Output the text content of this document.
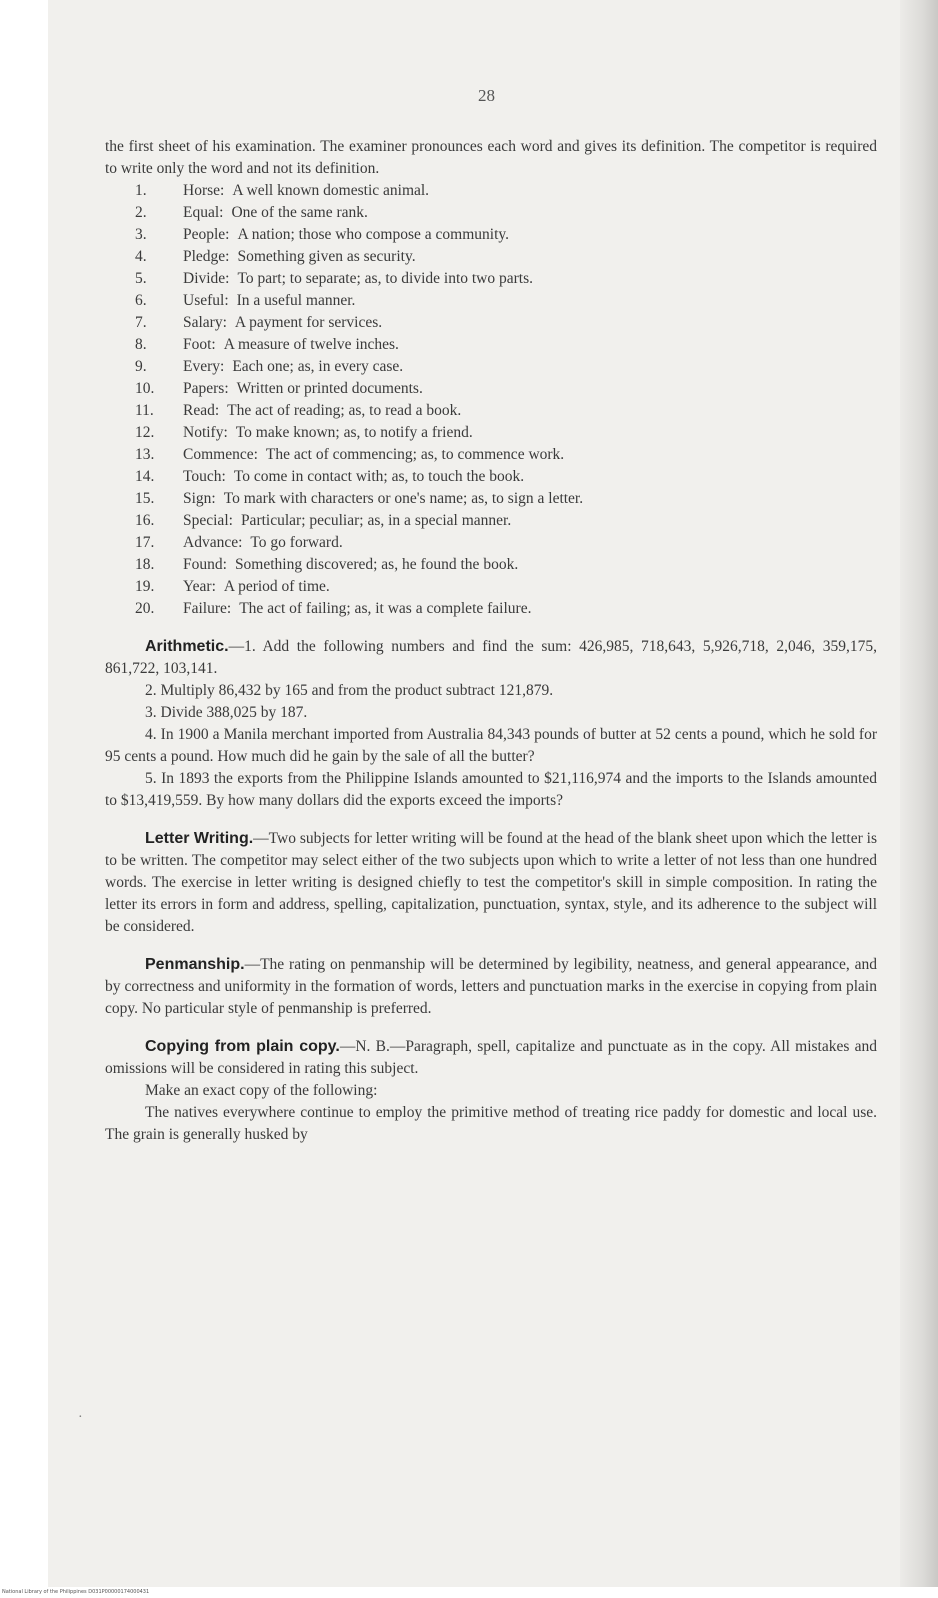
National Library of the Philippines D031P00000174000431
28

the first sheet of his examination. The examiner pronounces each word and gives its definition. The competitor is required to write only the word and not its definition.

1.	Horse: A well known domestic animal.
2.	Equal: One of the same rank.
3.	People: A nation; those who compose a community.
4.	Pledge: Something given as security.
5.	Divide: To part; to separate; as, to divide into two parts.
6.	Useful: In a useful manner.
7.	Salary: A payment for services.
8.	Foot: A measure of twelve inches.
9.	Every: Each one; as, in every case.
10.	Papers: Written or printed documents.
11.	Read: The act of reading; as, to read a book.
12.	Notify: To make known; as, to notify a friend.
13.	Commence: The act of commencing; as, to commence work.
14.	Touch: To come in contact with; as, to touch the book.
15.	Sign: To mark with characters or one's name; as, to sign a letter.
16.	Special: Particular; peculiar; as, in a special manner.
17.	Advance: To go forward.
18.	Found: Something discovered; as, he found the book.
19.	Year: A period of time.
20.	Failure: The act of failing; as, it was a complete failure.

Arithmetic.—1. Add the following numbers and find the sum: 426,985, 718,643, 5,926,718, 2,046, 359,175, 861,722, 103,141.

2. Multiply 86,432 by 165 and from the product subtract 121,879.

3. Divide 388,025 by 187.

4. In 1900 a Manila merchant imported from Australia 84,343 pounds of butter at 52 cents a pound, which he sold for 95 cents a pound. How much did he gain by the sale of all the butter?

5. In 1893 the exports from the Philippine Islands amounted to $21,116,974 and the imports to the Islands amounted to $13,419,559. By how many dollars did the exports exceed the imports?

Letter Writing.—Two subjects for letter writing will be found at the head of the blank sheet upon which the letter is to be written. The competitor may select either of the two subjects upon which to write a letter of not less than one hundred words. The exercise in letter writing is designed chiefly to test the competitor's skill in simple composition. In rating the letter its errors in form and address, spelling, capitalization, punctuation, syntax, style, and its adherence to the subject will be considered.

Penmanship.—The rating on penmanship will be determined by legibility, neatness, and general appearance, and by correctness and uniformity in the formation of words, letters and punctuation marks in the exercise in copying from plain copy. No particular style of penmanship is preferred.

Copying from plain copy.—N. B.—Paragraph, spell, capitalize and punctuate as in the copy. All mistakes and omissions will be considered in rating this subject.

Make an exact copy of the following:

The natives everywhere continue to employ the primitive method of treating rice paddy for domestic and local use. The grain is generally husked by

·
